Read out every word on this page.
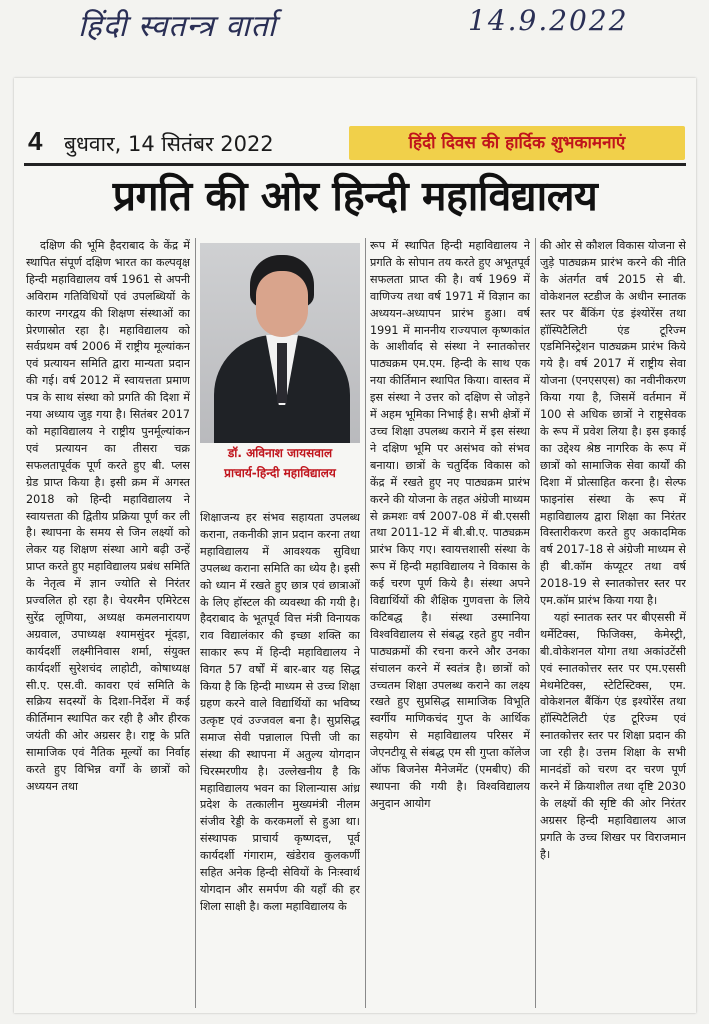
हिंदी स्वतन्त्र वार्ता	14.9.2022
4 बुधवार, 14 सितंबर 2022	हिंदी दिवस की हार्दिक शुभकामनाएं
प्रगति की ओर हिन्दी महाविद्यालय

दक्षिण की भूमि हैदराबाद के केंद्र में स्थापित संपूर्ण दक्षिण भारत का कल्पवृक्ष हिन्दी महाविद्यालय वर्ष 1961 से अपनी अविराम गतिविधियों एवं उपलब्धियों के कारण नगरद्वय की शिक्षण संस्थाओं का प्रेरणास्रोत रहा है। महाविद्यालय को सर्वप्रथम वर्ष 2006 में राष्ट्रीय मूल्यांकन एवं प्रत्यायन समिति द्वारा मान्यता प्रदान की गई। वर्ष 2012 में स्वायत्तता प्रमाण पत्र के साथ संस्था को प्रगति की दिशा में नया अध्याय जुड़ गया है। सितंबर 2017 को महाविद्यालय ने राष्ट्रीय पुनर्मूल्यांकन एवं प्रत्यायन का तीसरा चक्र सफलतापूर्वक पूर्ण करते हुए बी. प्लस ग्रेड प्राप्त किया है। इसी क्रम में अगस्त 2018 को हिन्दी महाविद्यालय ने स्वायत्तता की द्वितीय प्रक्रिया पूर्ण कर ली है। स्थापना के समय से जिन लक्ष्यों को लेकर यह शिक्षण संस्था आगे बढ़ी उन्हें प्राप्त करते हुए महाविद्यालय प्रबंध समिति के नेतृत्व में ज्ञान ज्योति से निरंतर प्रज्वलित हो रहा है। चेयरमैन एमिरेटस सुरेंद्र लूणिया, अध्यक्ष कमलनारायण अग्रवाल, उपाध्यक्ष श्यामसुंदर मूंदड़ा, कार्यदर्शी लक्ष्मीनिवास शर्मा, संयुक्त कार्यदर्शी सुरेशचंद लाहोटी, कोषाध्यक्ष सी.ए. एस.वी. कावरा एवं समिति के सक्रिय सदस्यों के दिशा-निर्देश में कई कीर्तिमान स्थापित कर रही है और हीरक जयंती की ओर अग्रसर है। राष्ट्र के प्रति सामाजिक एवं नैतिक मूल्यों का निर्वाह करते हुए विभिन्न वर्गों के छात्रों को अध्ययन तथा

डॉ. अविनाश जायसवाल
प्राचार्य-हिन्दी महाविद्यालय

शिक्षाजन्य हर संभव सहायता उपलब्ध कराना, तकनीकी ज्ञान प्रदान करना तथा महाविद्यालय में आवश्यक सुविधा उपलब्ध कराना समिति का ध्येय है। इसी को ध्यान में रखते हुए छात्र एवं छात्राओं के लिए हॉस्टल की व्यवस्था की गयी है। हैदराबाद के भूतपूर्व वित्त मंत्री विनायक राव विद्यालंकार की इच्छा शक्ति का साकार रूप में हिन्दी महाविद्यालय ने विगत 57 वर्षों में बार-बार यह सिद्ध किया है कि हिन्दी माध्यम से उच्च शिक्षा ग्रहण करने वाले विद्यार्थियों का भविष्य उत्कृष्ट एवं उज्जवल बना है। सुप्रसिद्ध समाज सेवी पन्नालाल पित्ती जी का संस्था की स्थापना में अतुल्य योगदान चिरस्मरणीय है। उल्लेखनीय है कि महाविद्यालय भवन का शिलान्यास आंध्र प्रदेश के तत्कालीन मुख्यमंत्री नीलम संजीव रेड्डी के करकमलों से हुआ था। संस्थापक प्राचार्य कृष्णदत्त, पूर्व कार्यदर्शी गंगाराम, खंडेराव कुलकर्णी सहित अनेक हिन्दी सेवियों के निःस्वार्थ योगदान और समर्पण की यहाँ की हर शिला साक्षी है। कला महाविद्यालय के

रूप में स्थापित हिन्दी महाविद्यालय ने प्रगति के सोपान तय करते हुए अभूतपूर्व सफलता प्राप्त की है। वर्ष 1969 में वाणिज्य तथा वर्ष 1971 में विज्ञान का अध्ययन-अध्यापन प्रारंभ हुआ। वर्ष 1991 में माननीय राज्यपाल कृष्णकांत के आशीर्वाद से संस्था ने स्नातकोत्तर पाठ्यक्रम एम.एम. हिन्दी के साथ एक नया कीर्तिमान स्थापित किया। वास्तव में इस संस्था ने उत्तर को दक्षिण से जोड़ने में अहम भूमिका निभाई है। सभी क्षेत्रों में उच्च शिक्षा उपलब्ध कराने में इस संस्था ने दक्षिण भूमि पर असंभव को संभव बनाया। छात्रों के चतुर्दिक विकास को केंद्र में रखते हुए नए पाठ्यक्रम प्रारंभ करने की योजना के तहत अंग्रेजी माध्यम से क्रमशः वर्ष 2007-08 में बी.एससी तथा 2011-12 में बी.बी.ए. पाठ्यक्रम प्रारंभ किए गए। स्वायत्तशासी संस्था के रूप में हिन्दी महाविद्यालय ने विकास के कई चरण पूर्ण किये है। संस्था अपने विद्यार्थियों की शैक्षिक गुणवत्ता के लिये कटिबद्ध है। संस्था उस्मानिया विश्वविद्यालय से संबद्ध रहते हुए नवीन पाठ्यक्रमों की रचना करने और उनका संचालन करने में स्वतंत्र है। छात्रों को उच्चतम शिक्षा उपलब्ध कराने का लक्ष्य रखते हुए सुप्रसिद्ध सामाजिक विभूति स्वर्गीय माणिकचंद गुप्त के आर्थिक सहयोग से महाविद्यालय परिसर में जेएनटीयू से संबद्ध एम सी गुप्ता कॉलेज ऑफ बिजनेस मैनेजमेंट (एमबीए) की स्थापना की गयी है। विश्वविद्यालय अनुदान आयोग

की ओर से कौशल विकास योजना से जुड़े पाठ्यक्रम प्रारंभ करने की नीति के अंतर्गत वर्ष 2015 से बी. वोकेशनल स्टडीज के अधीन स्नातक स्तर पर बैंकिंग एंड इंश्योरेंस तथा हॉस्पिटैलिटी एंड टूरिज्म एडमिनिस्ट्रेशन पाठ्यक्रम प्रारंभ किये गये है। वर्ष 2017 में राष्ट्रीय सेवा योजना (एनएसएस) का नवीनीकरण किया गया है, जिसमें वर्तमान में 100 से अधिक छात्रों ने राष्ट्रसेवक के रूप में प्रवेश लिया है। इस इकाई का उद्देश्य श्रेष्ठ नागरिक के रूप में छात्रों को सामाजिक सेवा कार्यों की दिशा में प्रोत्साहित करना है। सेल्फ फाइनांस संस्था के रूप में महाविद्यालय द्वारा शिक्षा का निरंतर विस्तारीकरण करते हुए अकादमिक वर्ष 2017-18 से अंग्रेजी माध्यम से ही बी.कॉम कंप्यूटर तथा वर्ष 2018-19 से स्नातकोत्तर स्तर पर एम.कॉम प्रारंभ किया गया है।

यहां स्नातक स्तर पर बीएससी में थर्मेटिक्स, फिजिक्स, केमेस्ट्री, बी.वोकेशनल योगा तथा अकांउटेंसी एवं स्नातकोत्तर स्तर पर एम.एससी मेथमेटिक्स, स्टेटिस्टिक्स, एम. वोकेशनल बैंकिंग एंड इश्योरेंस तथा हॉस्पिटैलिटी एंड टूरिज्म एवं स्नातकोत्तर स्तर पर शिक्षा प्रदान की जा रही है। उत्तम शिक्षा के सभी मानदंडों को चरण दर चरण पूर्ण करने में क्रियाशील तथा दृष्टि 2030 के लक्ष्यों की सृष्टि की ओर निरंतर अग्रसर हिन्दी महाविद्यालय आज प्रगति के उच्च शिखर पर विराजमान है।
